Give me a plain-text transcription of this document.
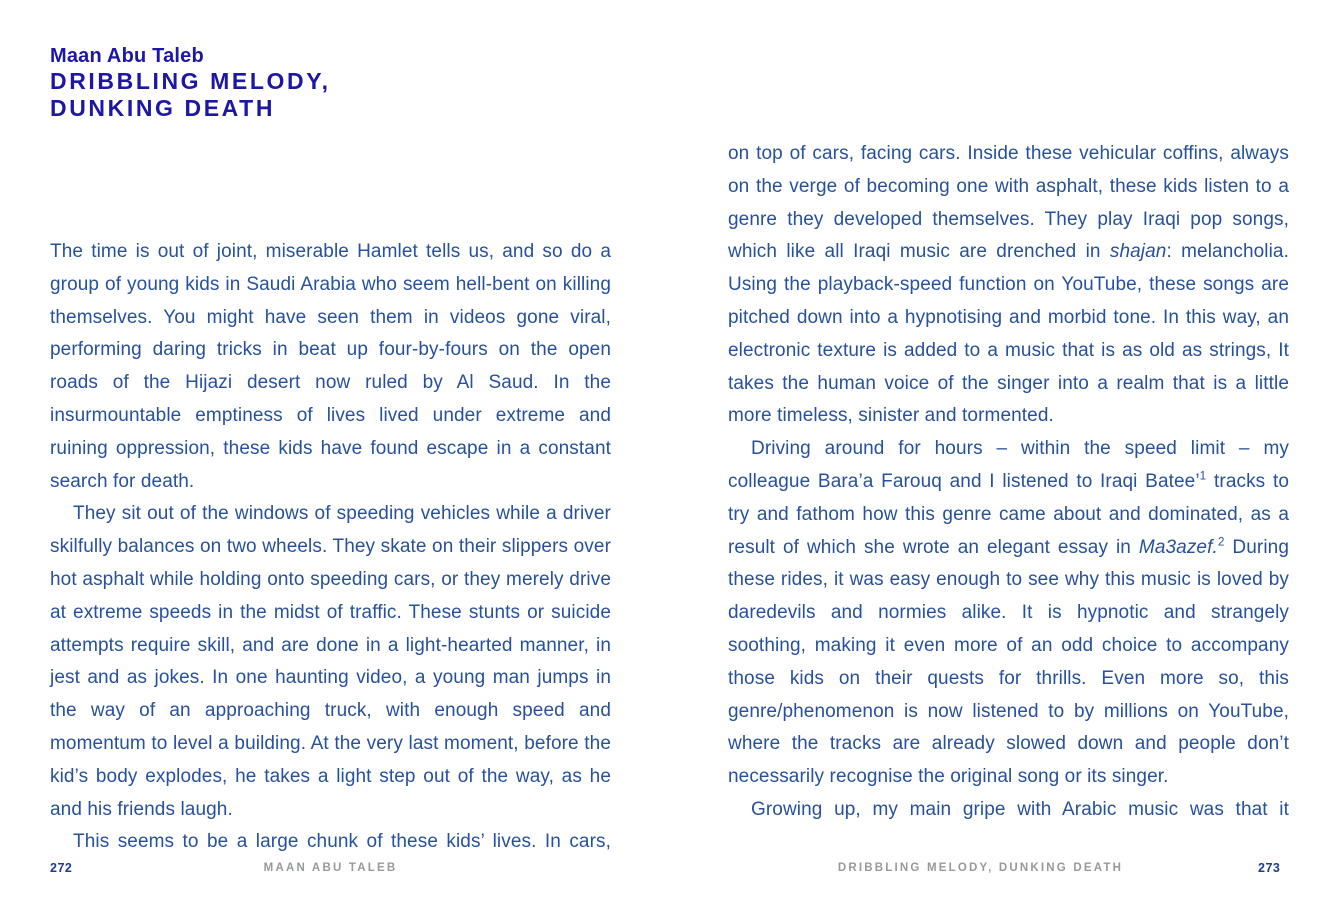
Maan Abu Taleb
DRIBBLING MELODY,
DUNKING DEATH

The time is out of joint, miserable Hamlet tells us, and so do a group of young kids in Saudi Arabia who seem hell-bent on killing themselves. You might have seen them in videos gone viral, performing daring tricks in beat up four-by-fours on the open roads of the Hijazi desert now ruled by Al Saud. In the insurmountable emptiness of lives lived under extreme and ruining oppression, these kids have found escape in a constant search for death.

They sit out of the windows of speeding vehicles while a driver skilfully balances on two wheels. They skate on their slippers over hot asphalt while holding onto speeding cars, or they merely drive at extreme speeds in the midst of traffic. These stunts or suicide attempts require skill, and are done in a light-hearted manner, in jest and as jokes. In one haunting video, a young man jumps in the way of an approaching truck, with enough speed and momentum to level a building. At the very last moment, before the kid’s body explodes, he takes a light step out of the way, as he and his friends laugh.

This seems to be a large chunk of these kids’ lives. In cars,

on top of cars, facing cars. Inside these vehicular coffins, always on the verge of becoming one with asphalt, these kids listen to a genre they developed themselves. They play Iraqi pop songs, which like all Iraqi music are drenched in shajan: melancholia. Using the playback-speed function on YouTube, these songs are pitched down into a hypnotising and morbid tone. In this way, an electronic texture is added to a music that is as old as strings, It takes the human voice of the singer into a realm that is a little more timeless, sinister and tormented.

Driving around for hours – within the speed limit – my colleague Bara’a Farouq and I listened to Iraqi Batee’$^1$ tracks to try and fathom how this genre came about and dominated, as a result of which she wrote an elegant essay in Ma3azef.$^2$ During these rides, it was easy enough to see why this music is loved by daredevils and normies alike. It is hypnotic and strangely soothing, making it even more of an odd choice to accompany those kids on their quests for thrills. Even more so, this genre/phenomenon is now listened to by millions on YouTube, where the tracks are already slowed down and people don’t necessarily recognise the original song or its singer.

Growing up, my main gripe with Arabic music was that it

272	MAAN ABU TALEB	DRIBBLING MELODY, DUNKING DEATH	273
